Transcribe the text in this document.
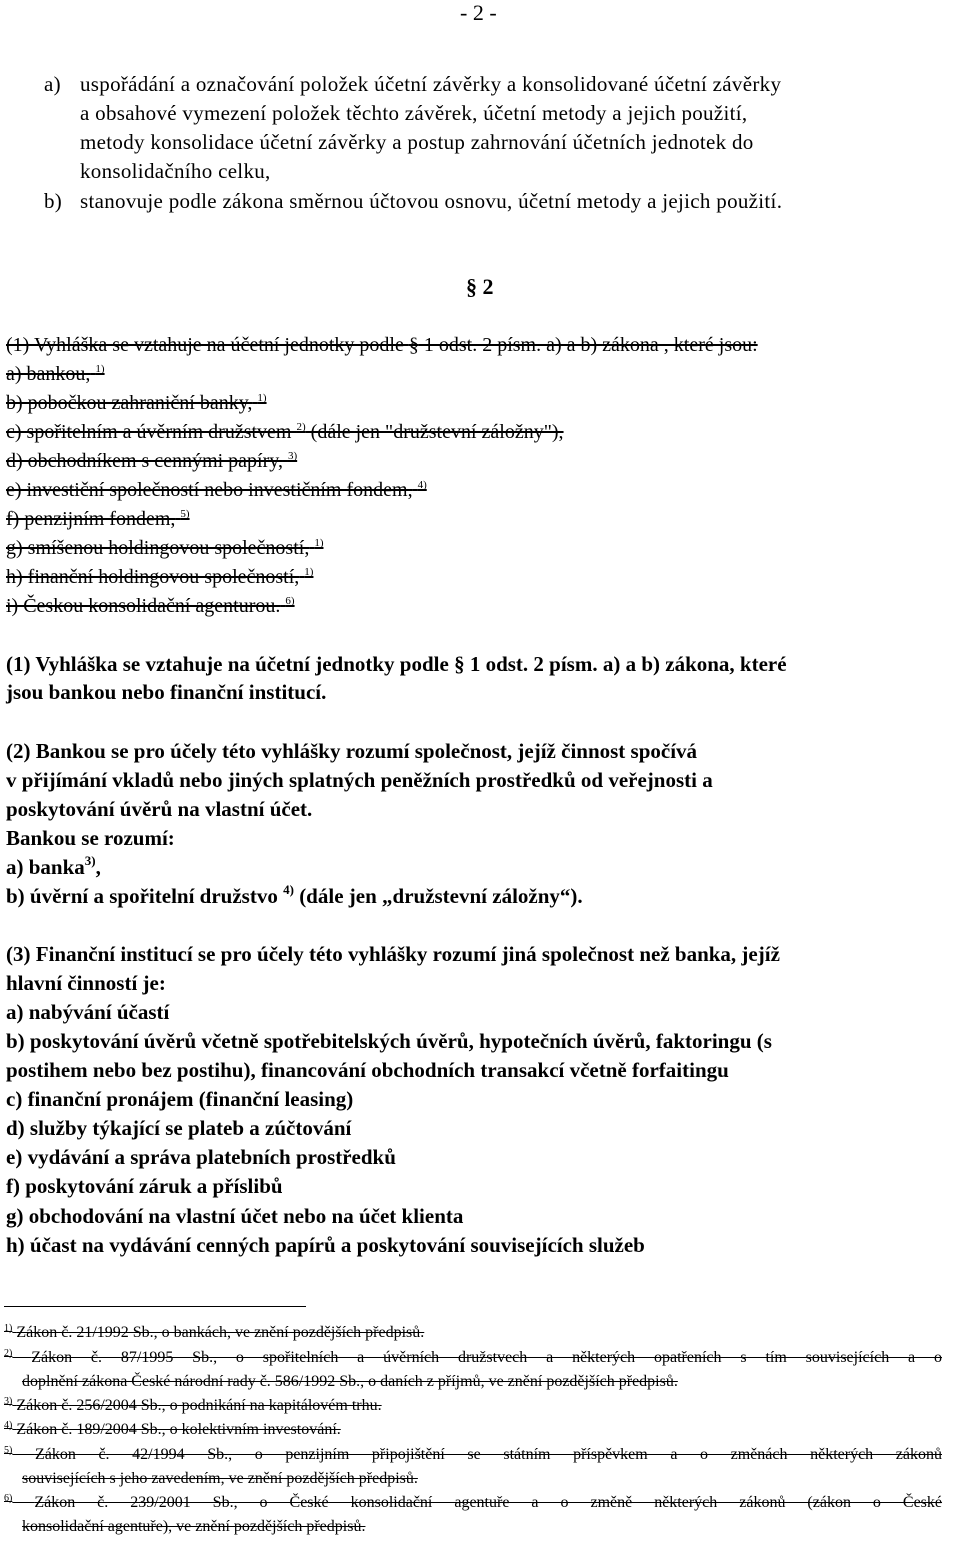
- 2 -
a) uspořádání a označování položek účetní závěrky a konsolidované účetní závěrky
a obsahové vymezení položek těchto závěrek, účetní metody a jejich použití,
metody konsolidace účetní závěrky a postup zahrnování účetních jednotek do
konsolidačního celku,
b) stanovuje podle zákona směrnou účtovou osnovu, účetní metody a jejich použití.
§ 2
(1) Vyhláška se vztahuje na účetní jednotky podle § 1 odst. 2 písm. a) a b) zákona , které jsou:
a) bankou, $^{1)}$
b) pobočkou zahraniční banky, $^{1)}$
c) spořitelním a úvěrním družstvem $^{2)}$ (dále jen "družstevní záložny"),
d) obchodníkem s cennými papíry, $^{3)}$
e) investiční společností nebo investičním fondem, $^{4)}$
f) penzijním fondem, $^{5)}$
g) smíšenou holdingovou společností, $^{1)}$
h) finanční holdingovou společností, $^{1)}$
i) Českou konsolidační agenturou. $^{6)}$
(1) Vyhláška se vztahuje na účetní jednotky podle § 1 odst. 2 písm. a) a b) zákona, které
jsou bankou nebo finanční institucí.
(2) Bankou se pro účely této vyhlášky rozumí společnost, jejíž činnost spočívá
v přijímání vkladů nebo jiných splatných peněžních prostředků od veřejnosti a
poskytování úvěrů na vlastní účet.
Bankou se rozumí:
a) banka$^{3)}$,
b) úvěrní a spořitelní družstvo $^{4)}$ (dále jen „družstevní záložny“).
(3) Finanční institucí se pro účely této vyhlášky rozumí jiná společnost než banka, jejíž
hlavní činností je:
a) nabývání účastí
b) poskytování úvěrů včetně spotřebitelských úvěrů, hypotečních úvěrů, faktoringu (s
postihem nebo bez postihu), financování obchodních transakcí včetně forfaitingu
c) finanční pronájem (finanční leasing)
d) služby týkající se plateb a zúčtování
e) vydávání a správa platebních prostředků
f) poskytování záruk a příslibů
g) obchodování na vlastní účet nebo na účet klienta
h) účast na vydávání cenných papírů a poskytování souvisejících služeb
$^{1)}$ Zákon č. 21/1992 Sb., o bankách, ve znění pozdějších předpisů.
$^{2)}$ Zákon č. 87/1995 Sb., o spořitelních a úvěrních družstvech a některých opatřeních s tím souvisejících a o
doplnění zákona České národní rady č. 586/1992 Sb., o daních z příjmů, ve znění pozdějších předpisů.
$^{3)}$ Zákon č. 256/2004 Sb., o podnikání na kapitálovém trhu.
$^{4)}$ Zákon č. 189/2004 Sb., o kolektivním investování.
$^{5)}$ Zákon č. 42/1994 Sb., o penzijním připojištění se státním příspěvkem a o změnách některých zákonů
souvisejících s jeho zavedením, ve znění pozdějších předpisů.
$^{6)}$ Zákon č. 239/2001 Sb., o České konsolidační agentuře a o změně některých zákonů (zákon o České
konsolidační agentuře), ve znění pozdějších předpisů.
